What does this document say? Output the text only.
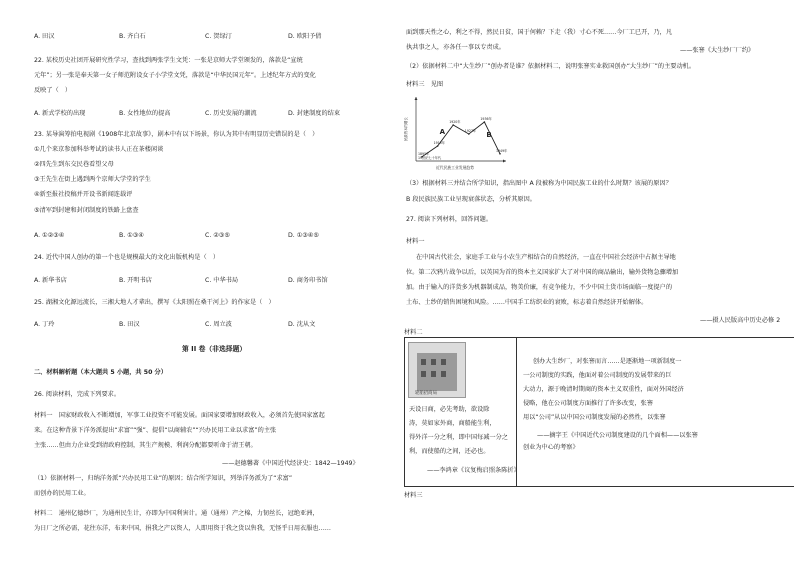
A. 田汉	B. 齐白石	C. 贺绿汀	D. 欧阳予倩
22. 某校历史社团开展研究性学习，查找到两张学生文凭：一张是京师大学堂颁发的，落款是“宣统
元年”；另一张是奉天第一女子师范附设女子小学堂文凭，落款是“中华民国元年”。上述纪年方式的变化
反映了（　）
A. 新式学校的出现	B. 女性地位的提高	C. 历史发展的潮流	D. 封建制度的结束
23. 某导演筹拍电视剧《1908年北京故事》，剧本中有以下场景，你认为其中有明显历史错误的是（　）
①几个来京参加科举考试的读书人正在茶楼闲谈
②四先生到东交民巷看望父母
③王先生在街上遇到两个京师大学堂的学生
④新至报社投稿并开设书新闻连载评
⑤清军到封建和封闭制度的铁路上盘查
A. ①②③④	B. ①③④	C. ②③⑤	D. ①③④⑤
24. 近代中国人创办的第一个也是规模最大的文化出版机构是（　）
A. 新华书店	B. 开明书店	C. 中华书局	D. 商务印书馆
25. 湖湘文化源远流长，三湘大地人才辈出，撰写《太阳照在桑干河上》的作家是（　）
A. 丁玲	B. 田汉	C. 周立波	D. 沈从文
第 II 卷（非选择题）
二、材料解析题（本大题共 5 小题，共 50 分）
26. 阅读材料，完成下列要求。
材料一　国家财政收入不断增加，军事工业投资不可能发展。面国家要增加财政收入，必须首先使国家富起
来。在这种背景下洋务派提出“求富”“强”、提倡“以商辅农”“兴办民用工业以求富”的主张
主张……但由力企业受到清政府控制，其生产规模、利润分配都要听命于清王朝。
——赵德馨著《中国近代经济史：1842—1949》
（1）依据材料一，归纳洋务派“兴办民用工业”的原因；结合所学知识，列举洋务派为了“求富”
而创办的民用工业。
材料二　通州亿德纱厂，为通州民生计，亦即为中国利害计。通（通州）产之棉，力韧丝长，冠绝亚洲，
为日厂之所必需，花往东洋，布来中国，捐我之产以资人，人即用资于我之货以售我，无怪乎日用衣服也……
面到那天性之心，利之不得，然民日贫，国于何赖？下走（我）寸心不死……今厂工已开，乃，凡
执共事之人，亦各任一事以专责成。	——张謇《大生纱厂厂约》
（2）依据材料二中“大生纱厂”创办者是谁？依据材料二，说明张謇实业救国创办“大生纱厂”的主要动机。
材料三　见图
A	B
1913年
1920年
1927年
1936年
1949年
1895年
19世纪七十年代
近代民族工业发展趋势
民族资本的增长
（3）根据材料三并结合所学知识，指出图中 A 段被称为中国民族工业的什么时期？该展的原因？
B 段民族民族工业呈现衰落状态，分析其原因。
27. 阅读下列材料，回答问题。
材料一
在中国古代社会，家庭手工业与小农生产相结合的自然经济，一直在中国社会经济中占据主导地
位。第二次鸦片战争以后，以英国为首的资本主义国家扩大了对中国的商品输出，输外货物急骤增加
加。由于输入的洋货多为机器制成品，物美价廉，有竞争能力，不少中国土货市场面临一度提户的
土布、土纱的销售困境和风险。……中国手工纺织业的衰败，标志着自然经济开始解体。
——摄人民版高中历史必修 2
材料二
轮船招商局
天设日商，必先考助，欲设除
涛，莫如家外商，商船能生利，
得外洋一分之利，即中国每减一分之
利，而使船的之间，还必也。
——李鸿章《议复梅启照条陈折》
创办大生纱厂，对张謇而言……是逐渐地一项新制度一
一公司制度的实践，他面对着公司制度的发展带来的巨
大动力，源于晚清时期商的资本主义双重性，面对外国经济
侵略，他在公司制度方面推行了许多改变，张謇
用以“公司”从以中国公司制度发展的必然性，以张謇
——摘字王《中国近代公司制度建设的几个面相——以张謇
创业为中心的考察》
材料三
